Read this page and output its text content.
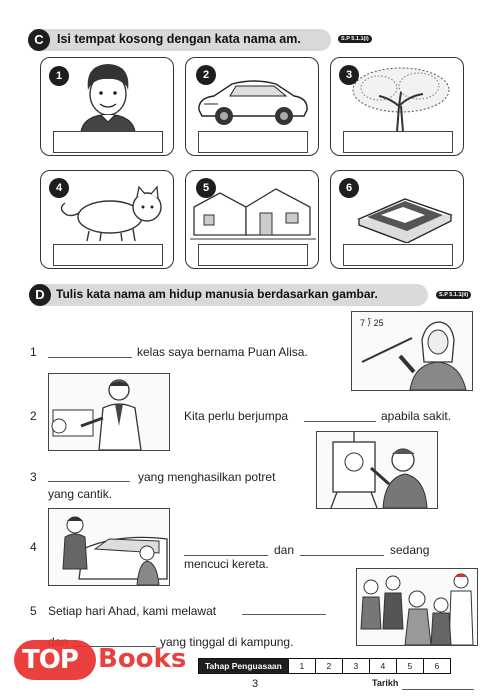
C	Isi tempat kosong dengan kata nama am.	S.P 5.1.1(i)
1	2	3
4	5	6
D Tulis kata nama am hidup manusia berdasarkan gambar.	S.P 5.1.1(ii)
1	kelas saya bernama Puan Alisa.
7 ⟌ 25
2	Kita perlu berjumpa	apabila sakit.
3	yang menghasilkan potret
yang cantik.
4	dan	sedang
mencuci kereta.
5 Setiap hari Ahad, kami melawat
yang tinggal di kampung.
Tahap Penguasaan	1	2	3	4	5	6
3	Tarikh
TOP Books
